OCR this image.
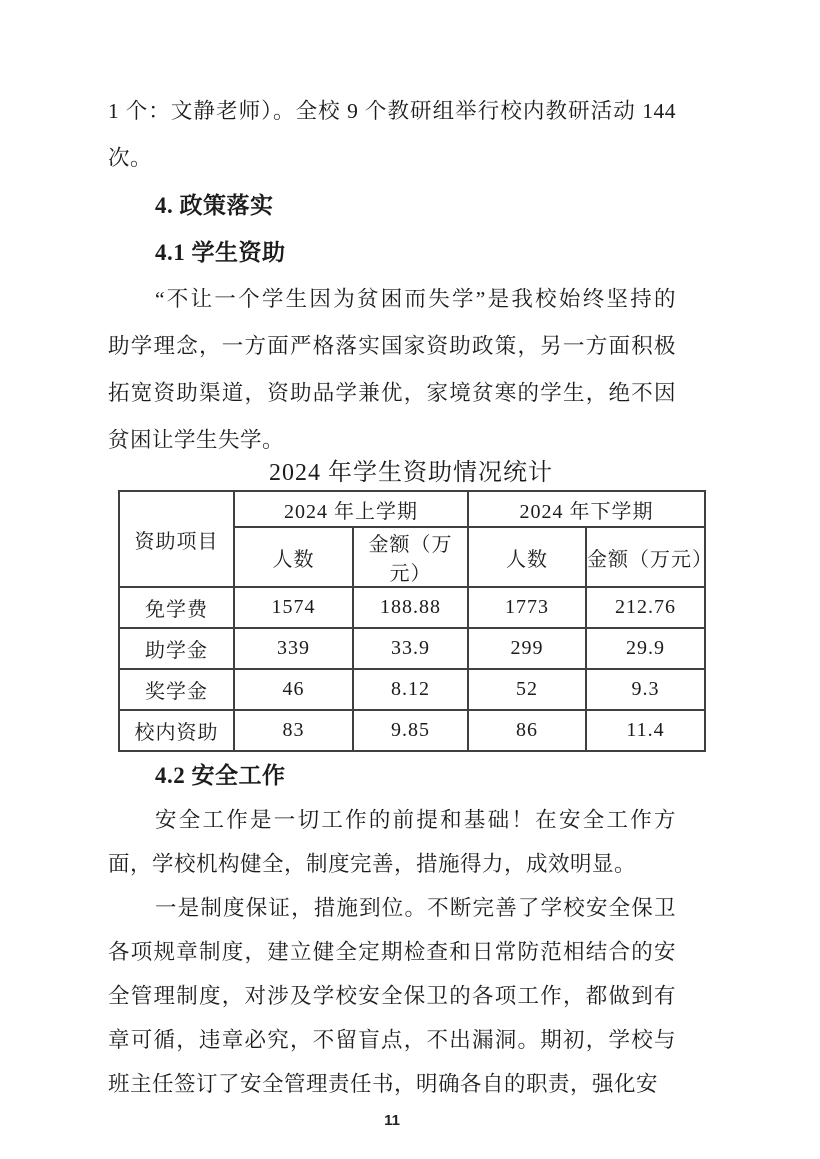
1 个：文静老师）。全校 9 个教研组举行校内教研活动 144
次。
4. 政策落实
4.1 学生资助
“不让一个学生因为贫困而失学”是我校始终坚持的
助学理念，一方面严格落实国家资助政策，另一方面积极
拓宽资助渠道，资助品学兼优，家境贫寒的学生，绝不因
贫困让学生失学。
2024 年学生资助情况统计
资助项目	2024 年上学期		2024 年下学期	
	人数	金额（万元）	人数	金额（万元）
免学费	1574	188.88	1773	212.76
助学金	339	33.9	299	29.9
奖学金	46	8.12	52	9.3
校内资助	83	9.85	86	11.4
4.2 安全工作
安全工作是一切工作的前提和基础！在安全工作方
面，学校机构健全，制度完善，措施得力，成效明显。
一是制度保证，措施到位。不断完善了学校安全保卫
各项规章制度，建立健全定期检查和日常防范相结合的安
全管理制度，对涉及学校安全保卫的各项工作，都做到有
章可循，违章必究，不留盲点，不出漏洞。期初，学校与
班主任签订了安全管理责任书，明确各自的职责，强化安
11
